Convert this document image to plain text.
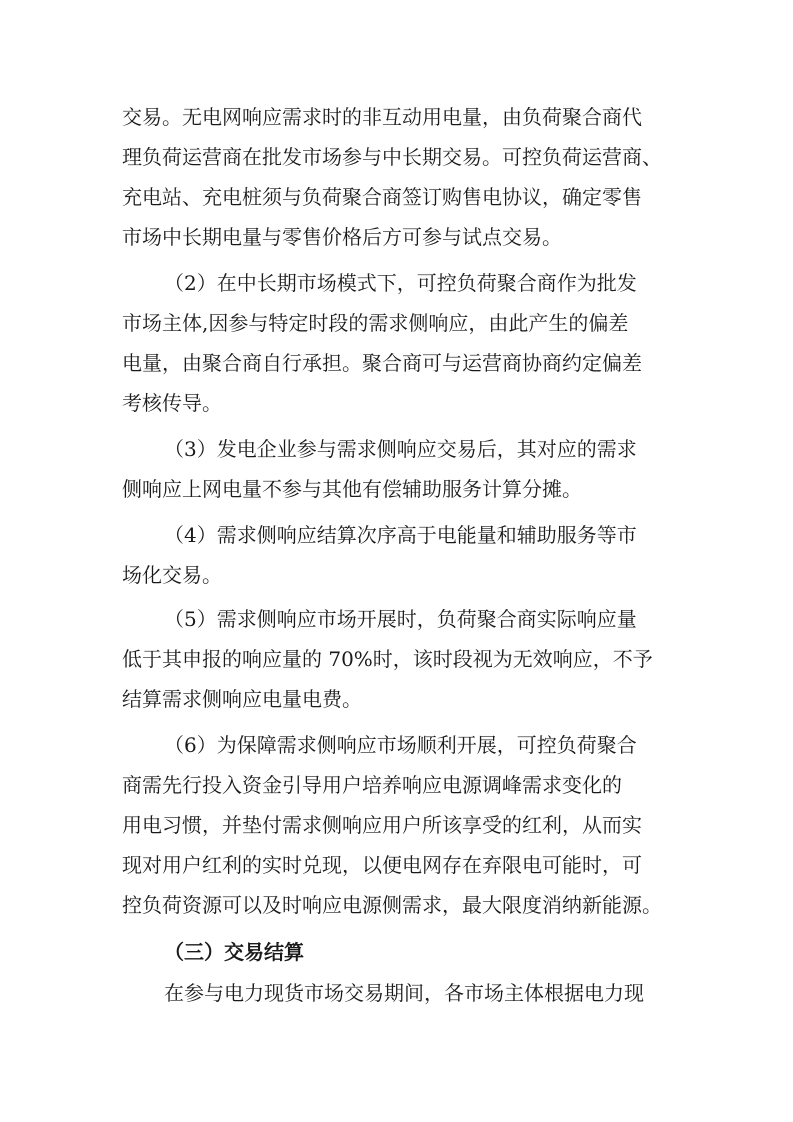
交易。无电网响应需求时的非互动用电量，由负荷聚合商代
理负荷运营商在批发市场参与中长期交易。可控负荷运营商、
充电站、充电桩须与负荷聚合商签订购售电协议，确定零售
市场中长期电量与零售价格后方可参与试点交易。
（2）在中长期市场模式下，可控负荷聚合商作为批发
市场主体,因参与特定时段的需求侧响应，由此产生的偏差
电量，由聚合商自行承担。聚合商可与运营商协商约定偏差
考核传导。
（3）发电企业参与需求侧响应交易后，其对应的需求
侧响应上网电量不参与其他有偿辅助服务计算分摊。
（4）需求侧响应结算次序高于电能量和辅助服务等市
场化交易。
（5）需求侧响应市场开展时，负荷聚合商实际响应量
低于其申报的响应量的 70%时，该时段视为无效响应，不予
结算需求侧响应电量电费。
（6）为保障需求侧响应市场顺利开展，可控负荷聚合
商需先行投入资金引导用户培养响应电源调峰需求变化的
用电习惯，并垫付需求侧响应用户所该享受的红利，从而实
现对用户红利的实时兑现，以便电网存在弃限电可能时，可
控负荷资源可以及时响应电源侧需求，最大限度消纳新能源。
（三）交易结算
在参与电力现货市场交易期间，各市场主体根据电力现
